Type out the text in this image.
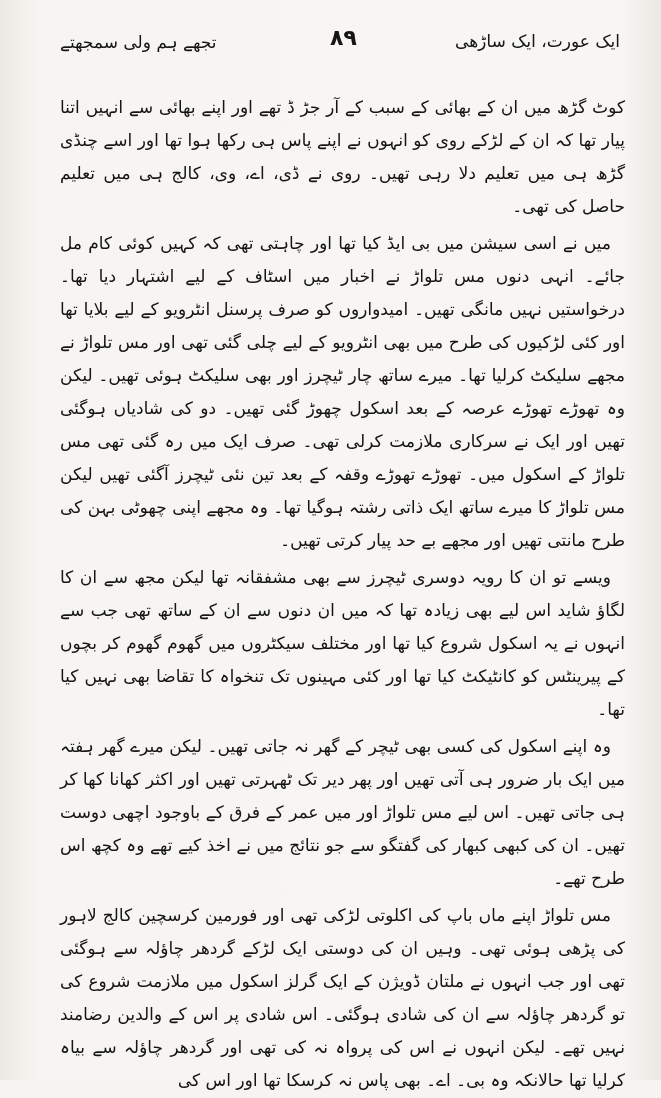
ایک عورت، ایک ساڑھی
۸۹
تجھے ہم ولی سمجھتے

کوٹ گڑھ میں ان کے بھائی کے سبب کے آر جڑ ڈ تھے اور اپنے بھائی سے انہیں اتنا پیار تھا کہ ان کے لڑکے روی کو انہوں نے اپنے پاس ہی رکھا ہوا تھا اور اسے چنڈی گڑھ ہی میں تعلیم دلا رہی تھیں۔ روی نے ڈی، اے، وی، کالج ہی میں تعلیم حاصل کی تھی۔

میں نے اسی سیشن میں بی ایڈ کیا تھا اور چاہتی تھی کہ کہیں کوئی کام مل جائے۔ انہی دنوں مس تلواڑ نے اخبار میں اسٹاف کے لیے اشتہار دیا تھا۔ درخواستیں نہیں مانگی تھیں۔ امیدواروں کو صرف پرسنل انٹرویو کے لیے بلایا تھا اور کئی لڑکیوں کی طرح میں بھی انٹرویو کے لیے چلی گئی تھی اور مس تلواڑ نے مجھے سلیکٹ کرلیا تھا۔ میرے ساتھ چار ٹیچرز اور بھی سلیکٹ ہوئی تھیں۔ لیکن وہ تھوڑے تھوڑے عرصہ کے بعد اسکول چھوڑ گئی تھیں۔ دو کی شادیاں ہوگئی تھیں اور ایک نے سرکاری ملازمت کرلی تھی۔ صرف ایک میں رہ گئی تھی مس تلواڑ کے اسکول میں۔ تھوڑے تھوڑے وقفہ کے بعد تین نئی ٹیچرز آگئی تھیں لیکن مس تلواڑ کا میرے ساتھ ایک ذاتی رشتہ ہوگیا تھا۔ وہ مجھے اپنی چھوٹی بہن کی طرح مانتی تھیں اور مجھے بے حد پیار کرتی تھیں۔

ویسے تو ان کا رویہ دوسری ٹیچرز سے بھی مشفقانہ تھا لیکن مجھ سے ان کا لگاؤ شاید اس لیے بھی زیادہ تھا کہ میں ان دنوں سے ان کے ساتھ تھی جب سے انہوں نے یہ اسکول شروع کیا تھا اور مختلف سیکٹروں میں گھوم گھوم کر بچوں کے پیرینٹس کو کانٹیکٹ کیا تھا اور کئی مہینوں تک تنخواہ کا تقاضا بھی نہیں کیا تھا۔

وہ اپنے اسکول کی کسی بھی ٹیچر کے گھر نہ جاتی تھیں۔ لیکن میرے گھر ہفتہ میں ایک بار ضرور ہی آتی تھیں اور پھر دیر تک ٹھہرتی تھیں اور اکثر کھانا کھا کر ہی جاتی تھیں۔ اس لیے مس تلواڑ اور میں عمر کے فرق کے باوجود اچھی دوست تھیں۔ ان کی کبھی کبھار کی گفتگو سے جو نتائج میں نے اخذ کیے تھے وہ کچھ اس طرح تھے۔

مس تلواڑ اپنے ماں باپ کی اکلوتی لڑکی تھی اور فورمین کرسچین کالج لاہور کی پڑھی ہوئی تھی۔ وہیں ان کی دوستی ایک لڑکے گردھر چاؤلہ سے ہوگئی تھی اور جب انہوں نے ملتان ڈویژن کے ایک گرلز اسکول میں ملازمت شروع کی تو گردھر چاؤلہ سے ان کی شادی ہوگئی۔ اس شادی پر اس کے والدین رضامند نہیں تھے۔ لیکن انہوں نے اس کی پرواہ نہ کی تھی اور گردھر چاؤلہ سے بیاہ کرلیا تھا حالانکہ وہ بی۔ اے۔ بھی پاس نہ کرسکا تھا اور اس کی
